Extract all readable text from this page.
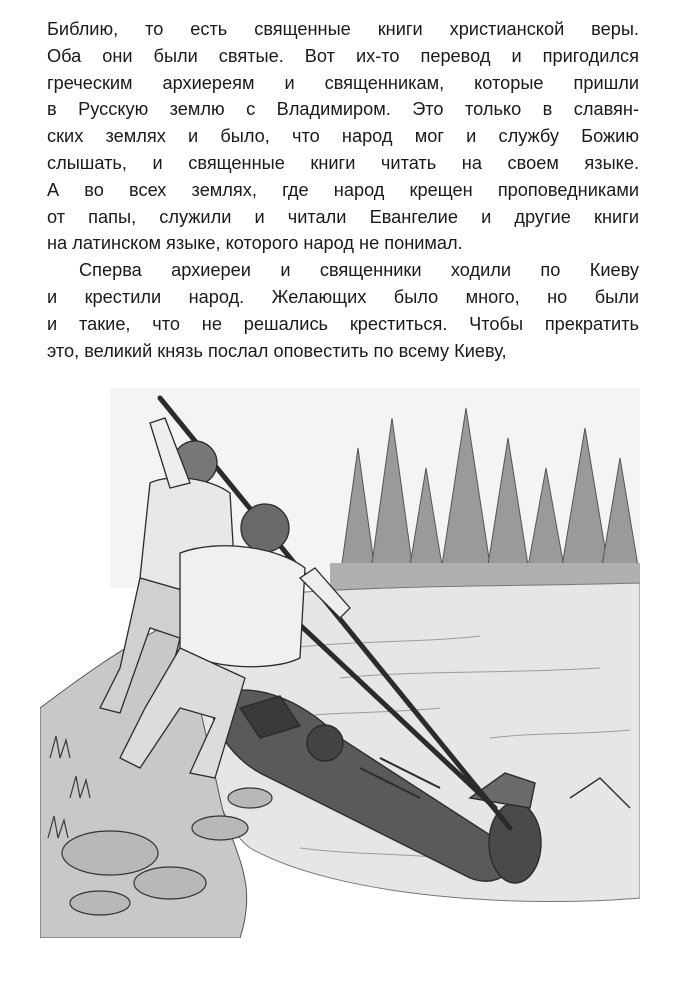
Библию, то есть священные книги христианской веры.
Оба они были святые. Вот их-то перевод и пригодился
греческим архиереям и священникам, которые пришли
в Русскую землю с Владимиром. Это только в славян-
ских землях и было, что народ мог и службу Божию
слышать, и священные книги читать на своем языке.
А во всех землях, где народ крещен проповедниками
от папы, служили и читали Евангелие и другие книги
на латинском языке, которого народ не понимал.

Сперва архиереи и священники ходили по Киеву
и крестили народ. Желающих было много, но были
и такие, что не решались креститься. Чтобы прекратить
это, великий князь послал оповестить по всему Киеву,
